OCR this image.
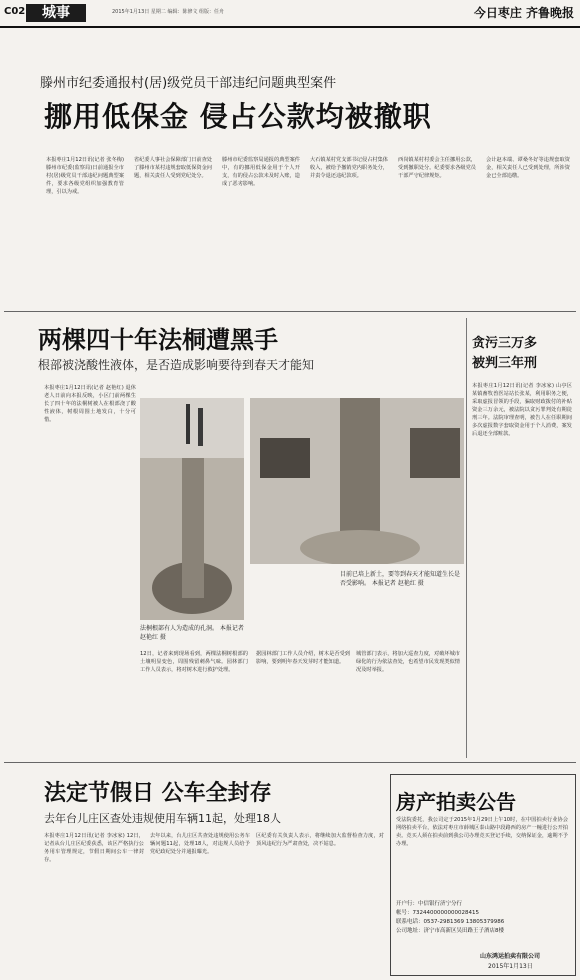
C02	城事	2015年1月13日 星期二 编辑：陈修文 组版：任舟	今日枣庄 齐鲁晚报
滕州市纪委通报村(居)级党员干部违纪问题典型案件
挪用低保金 侵占公款均被撤职
本报枣庄1月12日讯(记者 张冬梅) 滕州市纪委(监察局)日前通报全市村(居)级党员干部违纪问题典型案件，要求各级党组织加强教育管理，引以为戒。
省纪委人事社会保障部门日前查处了滕州市某村违规套取低保资金问题，相关责任人受到党纪处分。
滕州市纪委监察局通报的典型案件中，有的挪用低保金用于个人开支，有的侵占公款未及时入账，造成了恶劣影响。
大石镇某村党支部书记侵占村集体收入，被给予撤销党内职务处分，并责令退还违纪款项。
西岗镇某村村委会主任挪用公款，受到撤职处分。纪委要求各级党员干部严守纪律规矩。
会计赵本端、谭桑冬好等违规套取资金，相关责任人已受到处理，所涉资金已全部追缴。
两棵四十年法桐遭黑手
根部被浇酸性液体，是否造成影响要待到春天才能知
本报枣庄1月12日讯(记者 赵艳红) 退休老人日前向本报反映，小区门前两棵生长了四十年的法桐树被人在根部浇了酸性液体，树根周围土地发白，十分可惜。
法桐根部有人为造成的孔洞。 本报记者 赵艳红 摄
目前已培上新土，要等到春天才能知道生长是否受影响。 本报记者 赵艳红 摄
12日，记者来到现场看到，两棵法桐树根部的土壤明显变色，周围残留刺鼻气味。园林部门工作人员表示，将对树木进行救护处理。
据园林部门工作人员介绍，树木是否受到影响，要到明年春天发芽时才能知道。
城管部门表示，将加大巡查力度，对破坏城市绿化的行为依法查处，也希望市民发现类似情况及时举报。
贪污三万多
被判三年刑
本报枣庄1月12日讯(记者 李冰家) 山亭区某镇畜牧兽医站站长张某，利用职务之便，采取虚报冒领的手段，骗取财政拨付的补贴资金三万余元，被法院以贪污罪判处有期徒刑三年。法院审理查明，被告人在任职期间多次虚报数字套取资金用于个人消费，案发后退还全部赃款。
法定节假日 公车全封存
去年台儿庄区查处违规使用车辆11起，处理18人
本报枣庄1月12日讯(记者 李冰家) 12日，记者从台儿庄区纪委获悉，该区严格执行公务用车管理规定，节假日期间公车一律封存。
去年以来，台儿庄区共查处违规使用公务车辆问题11起，处理18人，对违规人员给予党纪政纪处分并通报曝光。
区纪委有关负责人表示，将继续加大监督检查力度，对顶风违纪行为严肃查处，决不姑息。
房产拍卖公告
受法院委托，我公司定于2015年1月29日上午10时，在中国拍卖行业协会网络拍卖平台，依法对枣庄市薛城区泰山路中段路西的房产一幢进行公开拍卖。竞买人须在拍卖前到我公司办理竞买登记手续，交纳保证金，逾期不予办理。
开户行：中信银行济宁分行
帐号：7324400000000028415
联系电话：0537-2981369 13805379986
公司地址：济宁市高新区吴田路王子酒店8楼
山东鸿运拍卖有限公司
2015年1月13日
